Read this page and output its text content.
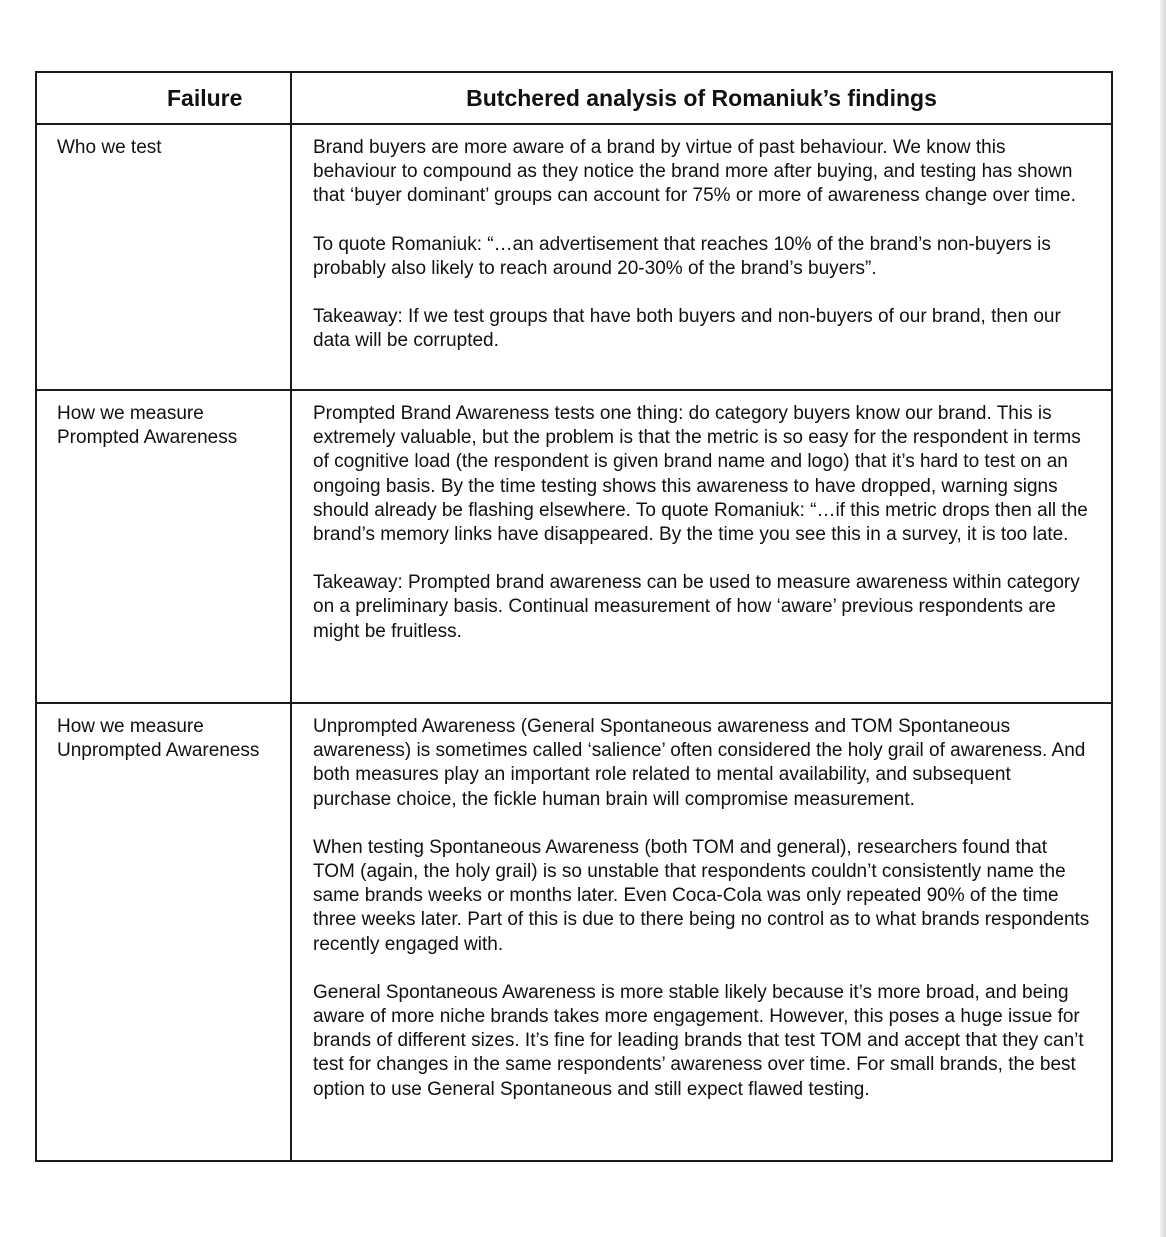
Failure	Butchered analysis of Romaniuk’s findings
Who we test	Brand buyers are more aware of a brand by virtue of past behaviour. We know this behaviour to compound as they notice the brand more after buying, and testing has shown that ‘buyer dominant’ groups can account for 75% or more of awareness change over time.

To quote Romaniuk: “…an advertisement that reaches 10% of the brand’s non-buyers is probably also likely to reach around 20-30% of the brand’s buyers”.

Takeaway: If we test groups that have both buyers and non-buyers of our brand, then our data will be corrupted.

How we measure Prompted Awareness	Prompted Brand Awareness tests one thing: do category buyers know our brand. This is extremely valuable, but the problem is that the metric is so easy for the respondent in terms of cognitive load (the respondent is given brand name and logo) that it’s hard to test on an ongoing basis. By the time testing shows this awareness to have dropped, warning signs should already be flashing elsewhere. To quote Romaniuk: “…if this metric drops then all the brand’s memory links have disappeared. By the time you see this in a survey, it is too late.

Takeaway: Prompted brand awareness can be used to measure awareness within category on a preliminary basis. Continual measurement of how ‘aware’ previous respondents are might be fruitless.

How we measure Unprompted Awareness	Unprompted Awareness (General Spontaneous awareness and TOM Spontaneous awareness) is sometimes called ‘salience’ often considered the holy grail of awareness. And both measures play an important role related to mental availability, and subsequent purchase choice, the fickle human brain will compromise measurement.

When testing Spontaneous Awareness (both TOM and general), researchers found that TOM (again, the holy grail) is so unstable that respondents couldn’t consistently name the same brands weeks or months later. Even Coca-Cola was only repeated 90% of the time three weeks later. Part of this is due to there being no control as to what brands respondents recently engaged with.

General Spontaneous Awareness is more stable likely because it’s more broad, and being aware of more niche brands takes more engagement. However, this poses a huge issue for brands of different sizes. It’s fine for leading brands that test TOM and accept that they can’t test for changes in the same respondents’ awareness over time. For small brands, the best option to use General Spontaneous and still expect flawed testing.
